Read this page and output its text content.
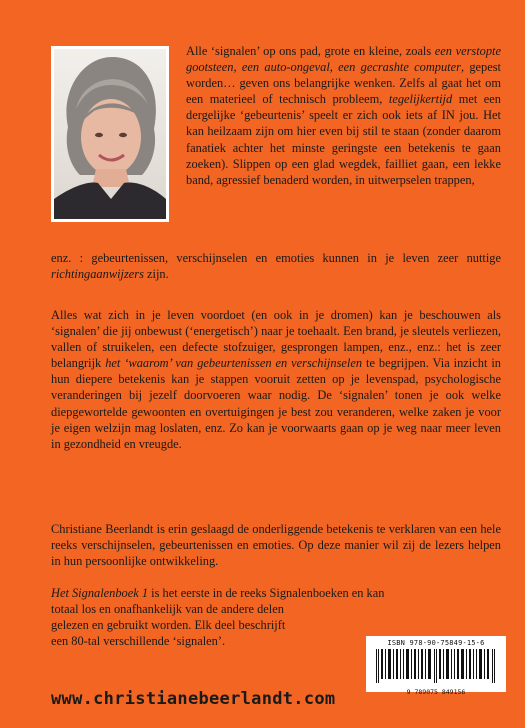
Alle ‘signalen’ op ons pad, grote en kleine, zoals een verstopte gootsteen, een auto-ongeval, een gecrashte computer, gepest worden… geven ons belangrijke wenken. Zelfs al gaat het om een materieel of technisch probleem, tegelijkertijd met een dergelijke ‘gebeurtenis’ speelt er zich ook iets af IN jou. Het kan heilzaam zijn om hier even bij stil te staan (zonder daarom fanatiek achter het minste geringste een betekenis te gaan zoeken). Slippen op een glad wegdek, failliet gaan, een lekke band, agressief benaderd worden, in uitwerpselen trappen,

enz. : gebeurtenissen, verschijnselen en emoties kunnen in je leven zeer nuttige richtingaanwijzers zijn.

Alles wat zich in je leven voordoet (en ook in je dromen) kan je beschouwen als ‘signalen’ die jij onbewust (‘energetisch’) naar je toehaalt. Een brand, je sleutels verliezen, vallen of struikelen, een defecte stofzuiger, gesprongen lampen, enz., enz.: het is zeer belangrijk het ‘waarom’ van gebeurtenissen en verschijnselen te begrijpen. Via inzicht in hun diepere betekenis kan je stappen vooruit zetten op je levenspad, psychologische veranderingen bij jezelf doorvoeren waar nodig. De ‘signalen’ tonen je ook welke diepgewortelde gewoonten en overtuigingen je best zou veranderen, welke zaken je voor je eigen welzijn mag loslaten, enz. Zo kan je voorwaarts gaan op je weg naar meer leven in gezondheid en vreugde.

Christiane Beerlandt is erin geslaagd de onderliggende betekenis te verklaren van een hele reeks verschijnselen, gebeurtenissen en emoties. Op deze manier wil zij de lezers helpen in hun persoonlijke ontwikkeling.

Het Signalenboek 1 is het eerste in de reeks Signalenboeken en kan
totaal los en onafhankelijk van de andere delen
gelezen en gebruikt worden. Elk deel beschrijft
een 80-tal verschillende ‘signalen’.	ISBN 978-90-75849-15-6
9 789075 849156
www.christianebeerlandt.com
